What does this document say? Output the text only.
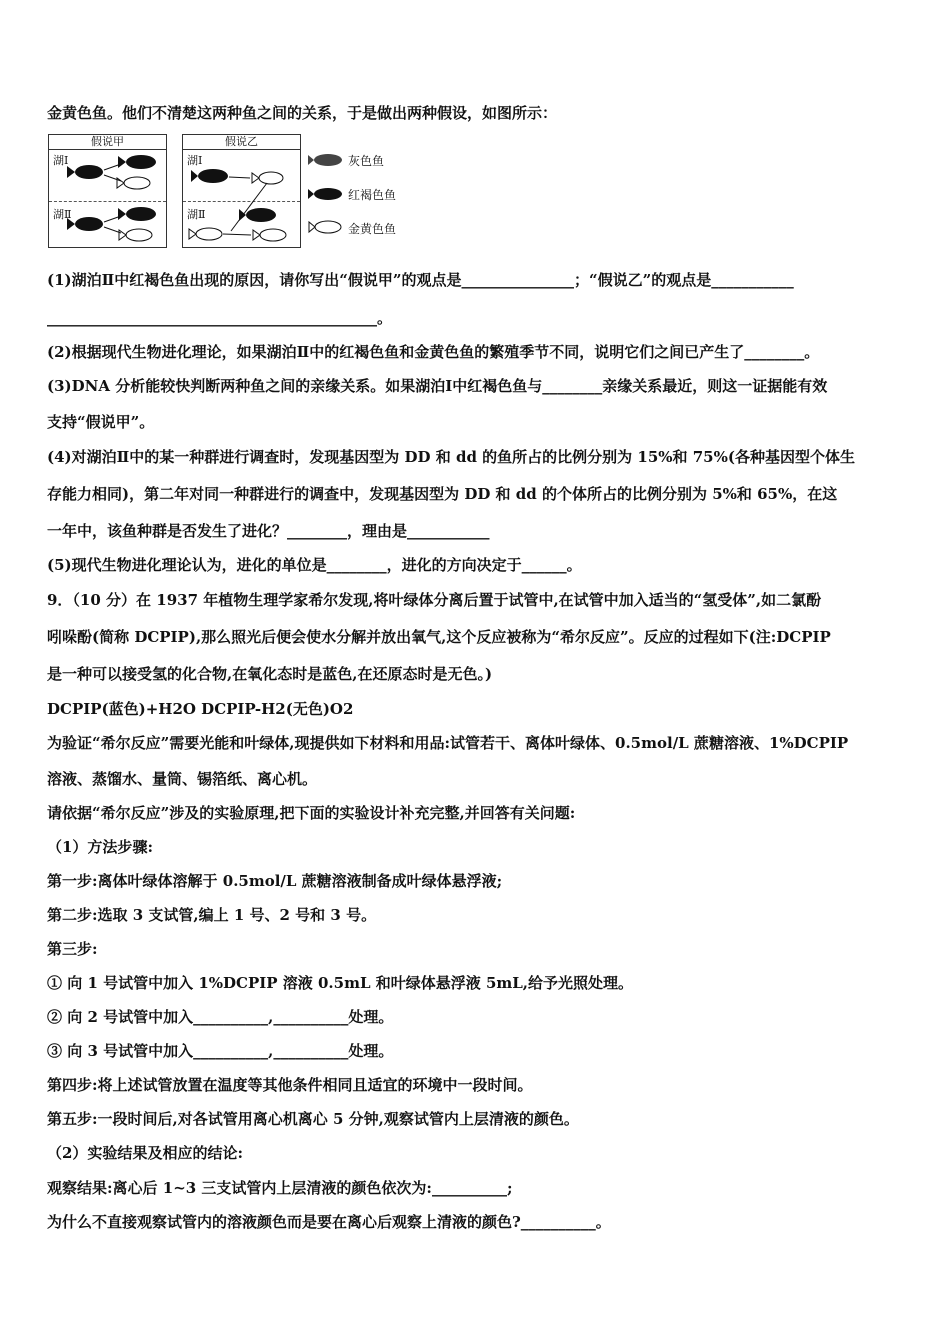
金黄色鱼。他们不清楚这两种鱼之间的关系，于是做出两种假设，如图所示：
假说甲
湖Ⅰ
湖Ⅱ
假说乙
湖Ⅰ
湖Ⅱ
灰色鱼
红褐色鱼
金黄色鱼
(1)湖泊Ⅱ中红褐色鱼出现的原因，请你写出“假说甲”的观点是_______________；“假说乙”的观点是___________
____________________________________________。
(2)根据现代生物进化理论，如果湖泊Ⅱ中的红褐色鱼和金黄色鱼的繁殖季节不同，说明它们之间已产生了________。
(3)DNA 分析能较快判断两种鱼之间的亲缘关系。如果湖泊Ⅰ中红褐色鱼与________亲缘关系最近，则这一证据能有效
支持“假说甲”。
(4)对湖泊Ⅱ中的某一种群进行调查时，发现基因型为 DD 和 dd 的鱼所占的比例分别为 15%和 75%(各种基因型个体生
存能力相同)，第二年对同一种群进行的调查中，发现基因型为 DD 和 dd 的个体所占的比例分别为 5%和 65%，在这
一年中，该鱼种群是否发生了进化？________，理由是___________
(5)现代生物进化理论认为，进化的单位是________，进化的方向决定于______。
9．（10 分）在 1937 年植物生理学家希尔发现,将叶绿体分离后置于试管中,在试管中加入适当的“氢受体”,如二氯酚
吲哚酚(简称 DCPIP),那么照光后便会使水分解并放出氧气,这个反应被称为“希尔反应”。反应的过程如下(注:DCPIP
是一种可以接受氢的化合物,在氧化态时是蓝色,在还原态时是无色。)
DCPIP(蓝色)+H2O DCPIP-H2(无色)O2
为验证“希尔反应”需要光能和叶绿体,现提供如下材料和用品:试管若干、离体叶绿体、0.5mol/L 蔗糖溶液、1%DCPIP
溶液、蒸馏水、量筒、锡箔纸、离心机。
请依据“希尔反应”涉及的实验原理,把下面的实验设计补充完整,并回答有关问题:
（1）方法步骤:
第一步:离体叶绿体溶解于 0.5mol/L 蔗糖溶液制备成叶绿体悬浮液;
第二步:选取 3 支试管,编上 1 号、2 号和 3 号。
第三步:
① 向 1 号试管中加入 1%DCPIP 溶液 0.5mL 和叶绿体悬浮液 5mL,给予光照处理。
② 向 2 号试管中加入__________,__________处理。
③ 向 3 号试管中加入__________,__________处理。
第四步:将上述试管放置在温度等其他条件相同且适宜的环境中一段时间。
第五步:一段时间后,对各试管用离心机离心 5 分钟,观察试管内上层清液的颜色。
（2）实验结果及相应的结论:
观察结果:离心后 1~3 三支试管内上层清液的颜色依次为:__________;
为什么不直接观察试管内的溶液颜色而是要在离心后观察上清液的颜色?__________。
